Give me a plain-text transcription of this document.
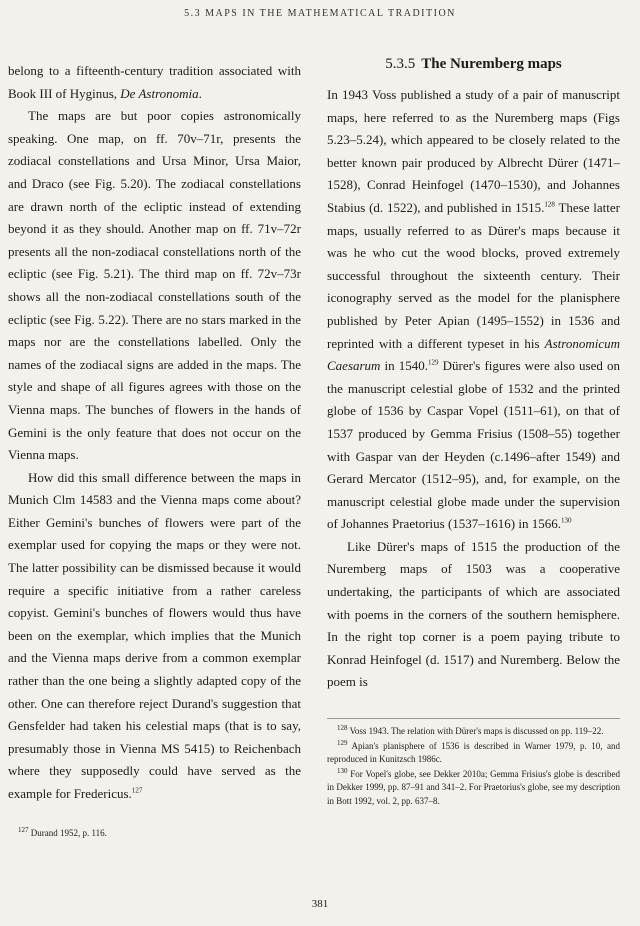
5.3 MAPS IN THE MATHEMATICAL TRADITION

belong to a fifteenth-century tradition associated with Book III of Hyginus, De Astronomia.

The maps are but poor copies astronomically speaking. One map, on ff. 70v–71r, presents the zodiacal constellations and Ursa Minor, Ursa Maior, and Draco (see Fig. 5.20). The zodiacal constellations are drawn north of the ecliptic instead of extending beyond it as they should. Another map on ff. 71v–72r presents all the non-zodiacal constellations north of the ecliptic (see Fig. 5.21). The third map on ff. 72v–73r shows all the non-zodiacal constellations south of the ecliptic (see Fig. 5.22). There are no stars marked in the maps nor are the constellations labelled. Only the names of the zodiacal signs are added in the maps. The style and shape of all figures agrees with those on the Vienna maps. The bunches of flowers in the hands of Gemini is the only feature that does not occur on the Vienna maps.

How did this small difference between the maps in Munich Clm 14583 and the Vienna maps come about? Either Gemini's bunches of flowers were part of the exemplar used for copying the maps or they were not. The latter possibility can be dismissed because it would require a specific initiative from a rather careless copyist. Gemini's bunches of flowers would thus have been on the exemplar, which implies that the Munich and the Vienna maps derive from a common exemplar rather than the one being a slightly adapted copy of the other. One can therefore reject Durand's suggestion that Gensfelder had taken his celestial maps (that is to say, presumably those in Vienna MS 5415) to Reichenbach where they supposedly could have served as the example for Fredericus.$^{127}$

5.3.5 The Nuremberg maps

In 1943 Voss published a study of a pair of manuscript maps, here referred to as the Nuremberg maps (Figs 5.23–5.24), which appeared to be closely related to the better known pair produced by Albrecht Dürer (1471–1528), Conrad Heinfogel (1470–1530), and Johannes Stabius (d. 1522), and published in 1515.$^{128}$ These latter maps, usually referred to as Dürer's maps because it was he who cut the wood blocks, proved extremely successful throughout the sixteenth century. Their iconography served as the model for the planisphere published by Peter Apian (1495–1552) in 1536 and reprinted with a different typeset in his Astronomicum Caesarum in 1540.$^{129}$ Dürer's figures were also used on the manuscript celestial globe of 1532 and the printed globe of 1536 by Caspar Vopel (1511–61), on that of 1537 produced by Gemma Frisius (1508–55) together with Gaspar van der Heyden (c.1496–after 1549) and Gerard Mercator (1512–95), and, for example, on the manuscript celestial globe made under the supervision of Johannes Praetorius (1537–1616) in 1566.$^{130}$

Like Dürer's maps of 1515 the production of the Nuremberg maps of 1503 was a cooperative undertaking, the participants of which are associated with poems in the corners of the southern hemisphere. In the right top corner is a poem paying tribute to Konrad Heinfogel (d. 1517) and Nuremberg. Below the poem is

$^{128}$ Voss 1943. The relation with Dürer's maps is discussed on pp. 119–22.

$^{129}$ Apian's planisphere of 1536 is described in Warner 1979, p. 10, and reproduced in Kunitzsch 1986c.

$^{130}$ For Vopel's globe, see Dekker 2010a; Gemma Frisius's globe is described in Dekker 1999, pp. 87–91 and 341–2. For Praetorius's globe, see my description in Bott 1992, vol. 2, pp. 637–8.

$^{127}$ Durand 1952, p. 116.

381
